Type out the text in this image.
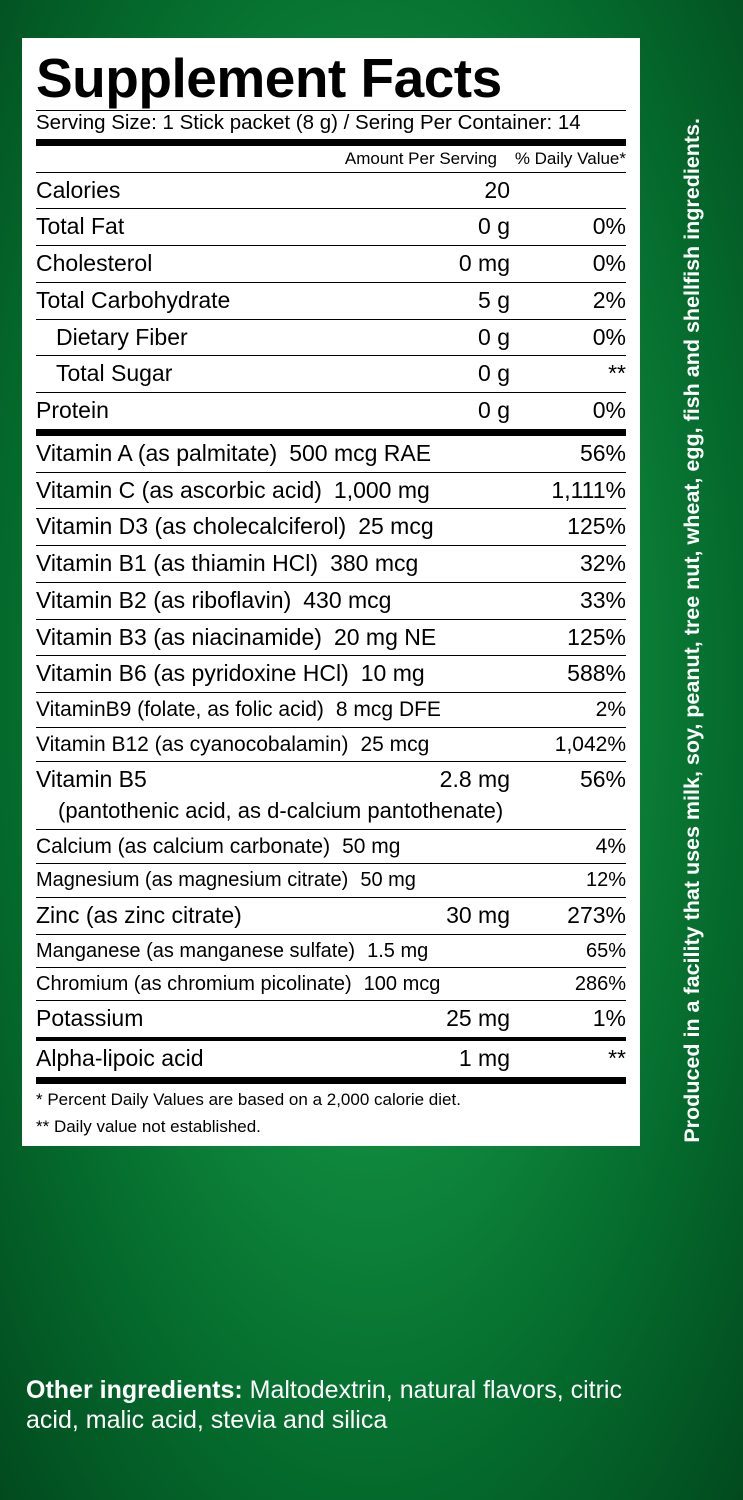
Supplement Facts
Serving Size: 1 Stick packet (8 g) / Sering Per Container: 14
Amount Per Serving	% Daily Value*
Calories	20
Total Fat	0 g	0%
Cholesterol	0 mg	0%
Total Carbohydrate	5 g	2%
Dietary Fiber	0 g	0%
Total Sugar	0 g	**
Protein	0 g	0%
Vitamin A (as palmitate) 500 mcg RAE	56%
Vitamin C (as ascorbic acid) 1,000 mg	1,111%
Vitamin D3 (as cholecalciferol) 25 mcg	125%
Vitamin B1 (as thiamin HCl) 380 mcg	32%
Vitamin B2 (as riboflavin) 430 mcg	33%
Vitamin B3 (as niacinamide) 20 mg NE	125%
Vitamin B6 (as pyridoxine HCl) 10 mg	588%
VitaminB9 (folate, as folic acid) 8 mcg DFE	2%
Vitamin B12 (as cyanocobalamin) 25 mcg	1,042%
Vitamin B5	2.8 mg	56%
(pantothenic acid, as d-calcium pantothenate)
Calcium (as calcium carbonate) 50 mg	4%
Magnesium (as magnesium citrate) 50 mg	12%
Zinc (as zinc citrate)	30 mg	273%
Manganese (as manganese sulfate) 1.5 mg	65%
Chromium (as chromium picolinate) 100 mcg	286%
Potassium	25 mg	1%
Alpha-lipoic acid	1 mg	**
* Percent Daily Values are based on a 2,000 calorie diet.
** Daily value not established.	Produced in a facility that uses milk, soy, peanut, tree nut, wheat, egg, fish and shellfish ingredients.
Other ingredients: Maltodextrin, natural flavors, citric acid, malic acid, stevia and silica
